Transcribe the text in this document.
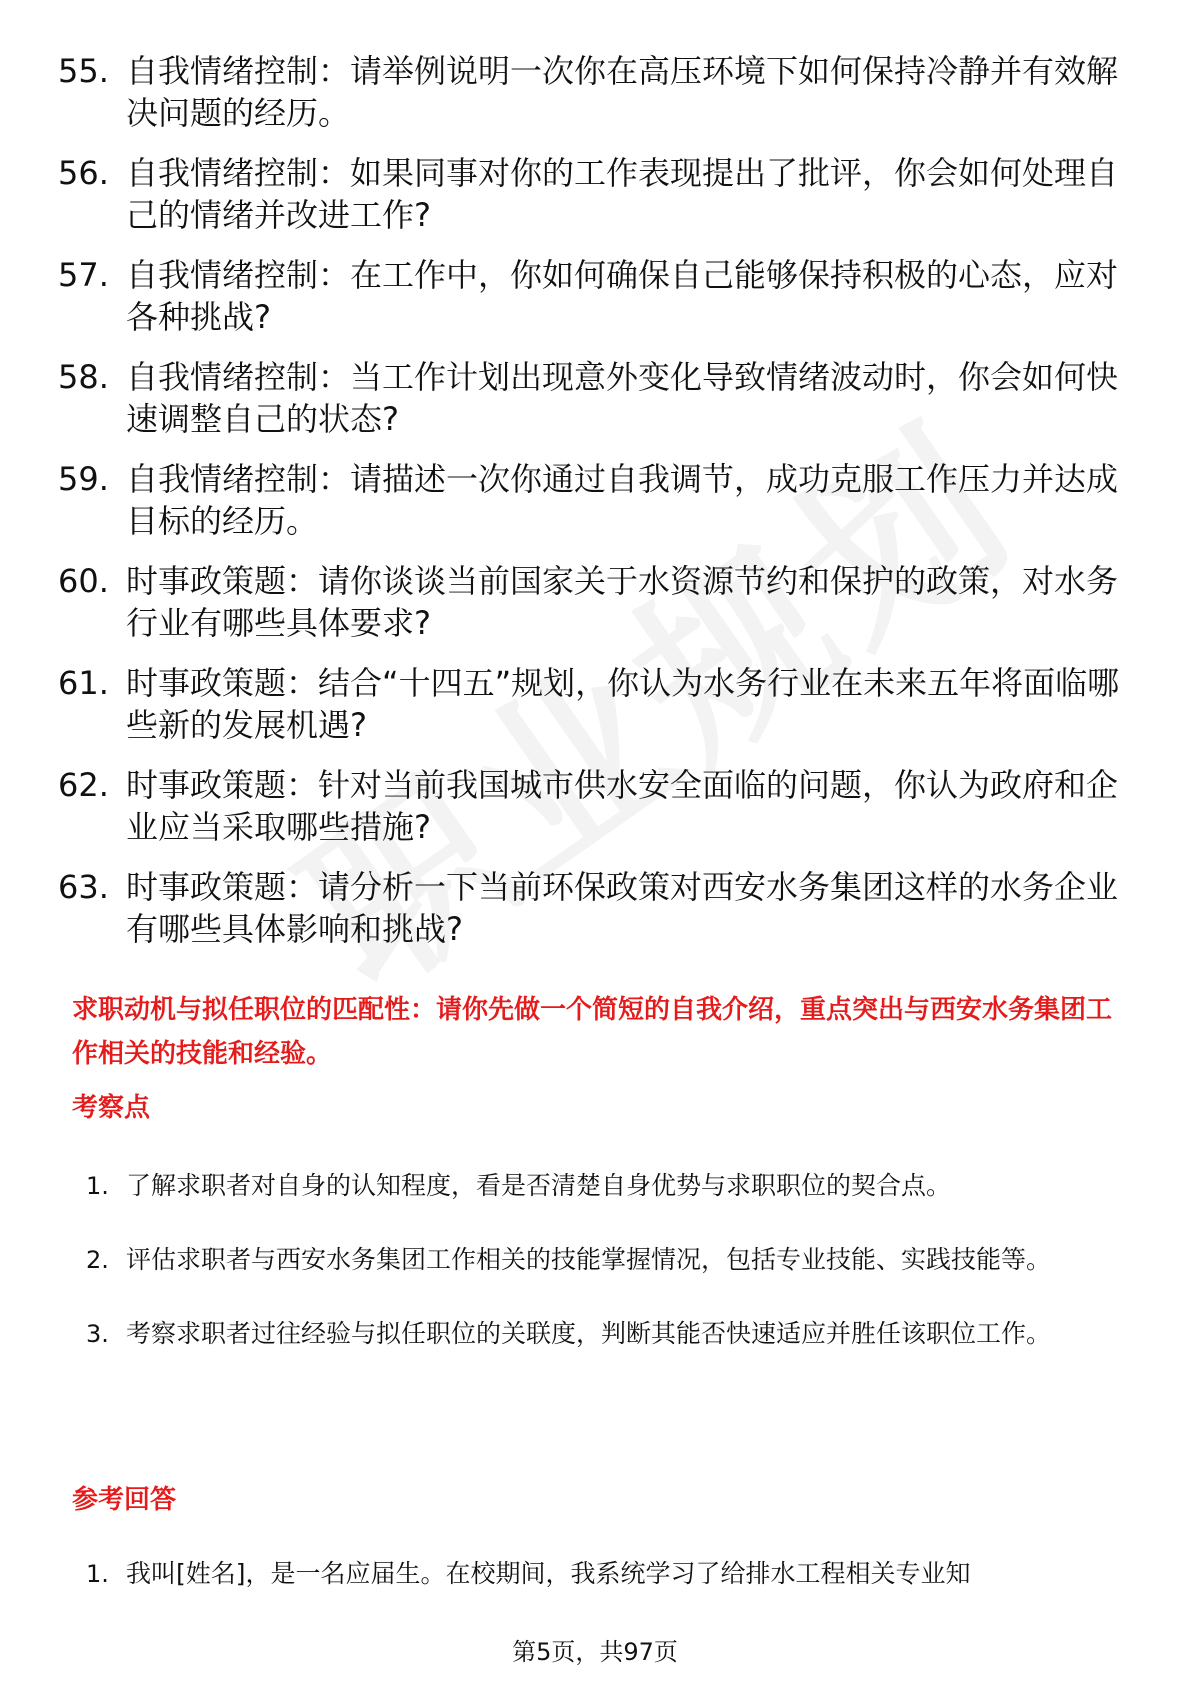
55. 自我情绪控制：请举例说明一次你在高压环境下如何保持冷静并有效解决问题的经历。
56. 自我情绪控制：如果同事对你的工作表现提出了批评，你会如何处理自己的情绪并改进工作?
57. 自我情绪控制：在工作中，你如何确保自己能够保持积极的心态，应对各种挑战?
58. 自我情绪控制：当工作计划出现意外变化导致情绪波动时，你会如何快速调整自己的状态?
59. 自我情绪控制：请描述一次你通过自我调节，成功克服工作压力并达成目标的经历。
60. 时事政策题：请你谈谈当前国家关于水资源节约和保护的政策，对水务行业有哪些具体要求?
61. 时事政策题：结合“十四五”规划，你认为水务行业在未来五年将面临哪些新的发展机遇?
62. 时事政策题：针对当前我国城市供水安全面临的问题，你认为政府和企业应当采取哪些措施?
63. 时事政策题：请分析一下当前环保政策对西安水务集团这样的水务企业有哪些具体影响和挑战?
求职动机与拟任职位的匹配性：请你先做一个简短的自我介绍，重点突出与西安水务集团工作相关的技能和经验。
考察点
1. 了解求职者对自身的认知程度，看是否清楚自身优势与求职职位的契合点。
2. 评估求职者与西安水务集团工作相关的技能掌握情况，包括专业技能、实践技能等。
3. 考察求职者过往经验与拟任职位的关联度，判断其能否快速适应并胜任该职位工作。
参考回答
1. 我叫[姓名]，是一名应届生。在校期间，我系统学习了给排水工程相关专业知
第5页，共97页
